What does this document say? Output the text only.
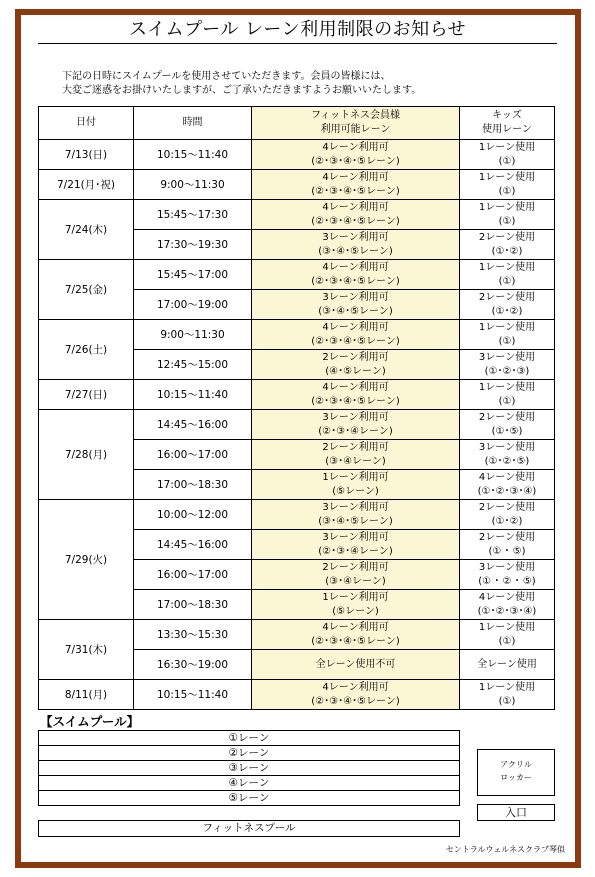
スイムプール レーン利用制限のお知らせ
下記の日時にスイムプールを使用させていただきます。会員の皆様には、
大変ご迷惑をお掛けいたしますが、ご了承いただきますようお願いいたします。
日付	時間	フィットネス会員様
利用可能レーン	キッズ
使用レーン

7/13(日)	10:15～11:40	4レーン利用可
(②･③･④･⑤レーン)	1レーン使用
(①)

7/21(月･祝)	9:00～11:30	4レーン利用可
(②･③･④･⑤レーン)	1レーン使用
(①)

7/24(木)	15:45～17:30	4レーン利用可
(②･③･④･⑤レーン)	1レーン使用
(①)

	17:30～19:30	3レーン利用可
(③･④･⑤レーン)	2レーン使用
(①･②)

7/25(金)	15:45～17:00	4レーン利用可
(②･③･④･⑤レーン)	1レーン使用
(①)

	17:00～19:00	3レーン利用可
(③･④･⑤レーン)	2レーン使用
(①･②)

7/26(土)	9:00～11:30	4レーン利用可
(②･③･④･⑤レーン)	1レーン使用
(①)

	12:45～15:00	2レーン利用可
(④･⑤レーン)	3レーン使用
(①･②･③)

7/27(日)	10:15～11:40	4レーン利用可
(②･③･④･⑤レーン)	1レーン使用
(①)

7/28(月)	14:45～16:00	3レーン利用可
(②･③･④レーン)	2レーン使用
(①･⑤)

	16:00～17:00	2レーン利用可
(③･④レーン)	3レーン使用
(①･②･⑤)

	17:00～18:30	1レーン利用可
(⑤レーン)	4レーン使用
(①･②･③･④)

7/29(火)	10:00～12:00	3レーン利用可
(③･④･⑤レーン)	2レーン使用
(①･②)

	14:45～16:00	3レーン利用可
(②･③･④レーン)	2レーン使用
(① ･ ⑤)

	16:00～17:00	2レーン利用可
(③･④レーン)	3レーン使用
(① ･ ② ･ ⑤)

	17:00～18:30	1レーン利用可
(⑤レーン)	4レーン使用
(①･②･③･④)

7/31(木)	13:30～15:30	4レーン利用可
(②･③･④･⑤レーン)	1レーン使用
(①)

	16:30～19:00	全レーン使用不可	全レーン使用

8/11(月)	10:15～11:40	4レーン利用可
(②･③･④･⑤レーン)	1レーン使用
(①)
【スイムプール】
①レーン
②レーン
③レーン
④レーン
⑤レーン
フィットネスプール
アクリル
ロッカー
入口
セントラルウェルネスクラブ琴似
